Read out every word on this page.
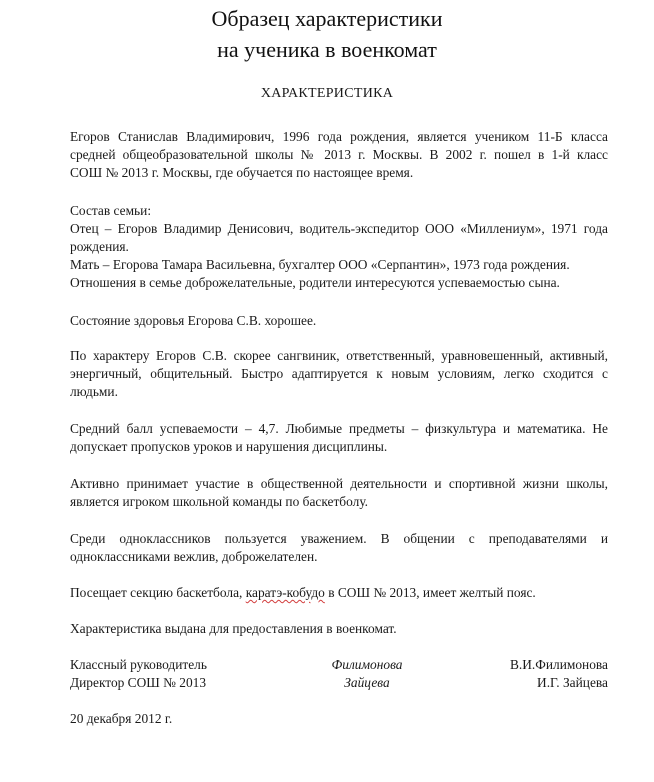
Образец характеристики
на ученика в военкомат
ХАРАКТЕРИСТИКА
Егоров Станислав Владимирович, 1996 года рождения, является учеником 11-Б класса
средней общеобразовательной школы № 2013 г. Москвы. В 2002 г. пошел в 1-й класс
СОШ № 2013 г. Москвы, где обучается по настоящее время.
Состав семьи:
Отец – Егоров Владимир Денисович, водитель-экспедитор ООО «Миллениум», 1971 года
рождения.
Мать – Егорова Тамара Васильевна, бухгалтер ООО «Серпантин», 1973 года рождения.
Отношения в семье доброжелательные, родители интересуются успеваемостью сына.
Состояние здоровья Егорова С.В. хорошее.
По характеру Егоров С.В. скорее сангвиник, ответственный, уравновешенный, активный,
энергичный, общительный. Быстро адаптируется к новым условиям, легко сходится с
людьми.
Средний балл успеваемости – 4,7. Любимые предметы – физкультура и математика. Не
допускает пропусков уроков и нарушения дисциплины.
Активно принимает участие в общественной деятельности и спортивной жизни школы,
является игроком школьной команды по баскетболу.
Среди одноклассников пользуется уважением. В общении с преподавателями и
одноклассниками вежлив, доброжелателен.
Посещает секцию баскетбола, каратэ-кобудо в СОШ № 2013, имеет желтый пояс.
Характеристика выдана для предоставления в военкомат.
Классный руководитель	Филимонова	В.И.Филимонова
Директор СОШ № 2013	Зайцева	И.Г. Зайцева
20 декабря 2012 г.
